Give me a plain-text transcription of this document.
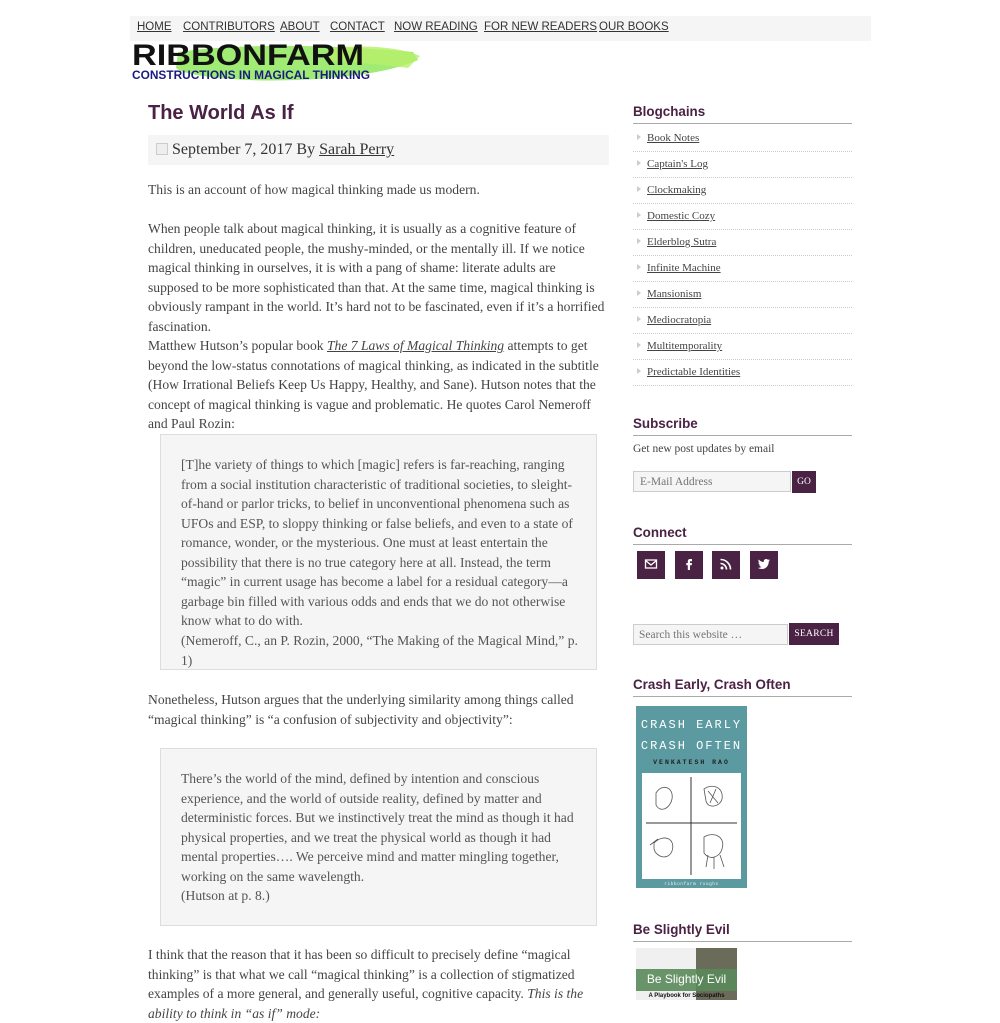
HOME CONTRIBUTORS ABOUT CONTACT NOW READING FOR NEW READERS OUR BOOKS
RIBBONFARM
CONSTRUCTIONS IN MAGICAL THINKING
The World As If
September 7, 2017 By Sarah Perry

This is an account of how magical thinking made us modern.

When people talk about magical thinking, it is usually as a cognitive feature of children, uneducated people, the mushy-minded, or the mentally ill. If we notice magical thinking in ourselves, it is with a pang of shame: literate adults are supposed to be more sophisticated than that. At the same time, magical thinking is obviously rampant in the world. It’s hard not to be fascinated, even if it’s a horrified fascination.

Matthew Hutson’s popular book The 7 Laws of Magical Thinking attempts to get beyond the low-status connotations of magical thinking, as indicated in the subtitle (How Irrational Beliefs Keep Us Happy, Healthy, and Sane). Hutson notes that the concept of magical thinking is vague and problematic. He quotes Carol Nemeroff and Paul Rozin:

[T]he variety of things to which [magic] refers is far-reaching, ranging from a social institution characteristic of traditional societies, to sleight-of-hand or parlor tricks, to belief in unconventional phenomena such as UFOs and ESP, to sloppy thinking or false beliefs, and even to a state of romance, wonder, or the mysterious. One must at least entertain the possibility that there is no true category here at all. Instead, the term “magic” in current usage has become a label for a residual category—a garbage bin filled with various odds and ends that we do not otherwise know what to do with.

(Nemeroff, C., an P. Rozin, 2000, “The Making of the Magical Mind,” p. 1)

Nonetheless, Hutson argues that the underlying similarity among things called “magical thinking” is “a confusion of subjectivity and objectivity”:

There’s the world of the mind, defined by intention and conscious experience, and the world of outside reality, defined by matter and deterministic forces. But we instinctively treat the mind as though it had physical properties, and we treat the physical world as though it had mental properties…. We perceive mind and matter mingling together, working on the same wavelength.

(Hutson at p. 8.)

I think that the reason that it has been so difficult to precisely define “magical thinking” is that what we call “magical thinking” is a collection of stigmatized examples of a more general, and generally useful, cognitive capacity. This is the ability to think in “as if” mode:

Blogchains
Book Notes
Captain's Log
Clockmaking
Domestic Cozy
Elderblog Sutra
Infinite Machine
Mansionism
Mediocratopia
Multitemporality
Predictable Identities
Subscribe

Get new post updates by email

E-Mail Address
GO
Connect
Search this website …
SEARCH
Crash Early, Crash Often
CRASH EARLY
CRASH OFTEN
VENKATESH RAO
ribbonfarm roughs
Be Slightly Evil
Be Slightly Evil
A Playbook for Sociopaths
